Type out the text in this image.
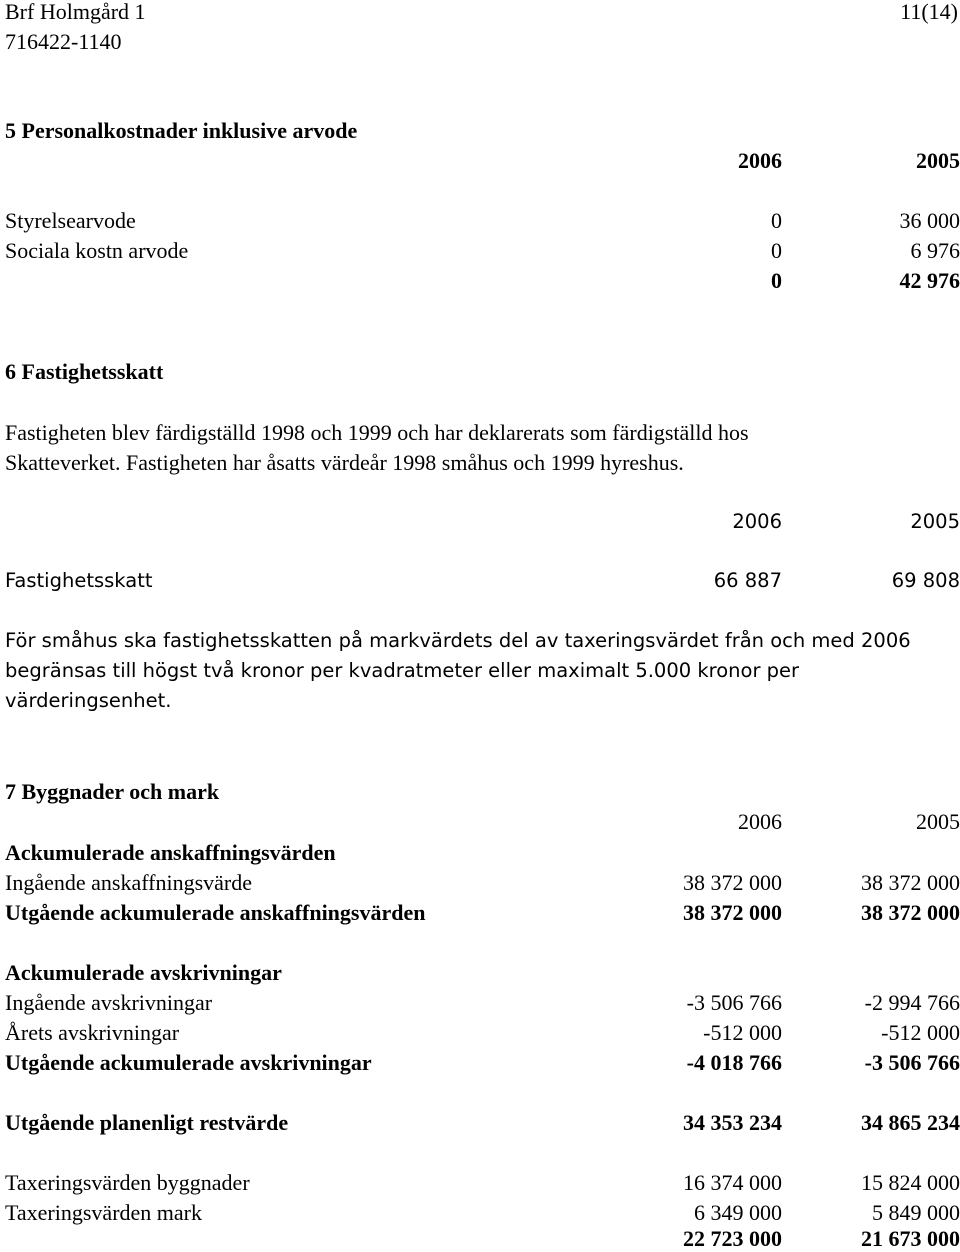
Brf Holmgård 1
716422-1140
11(14)
5 Personalkostnader inklusive arvode
2006	2005
Styrelsearvode	0	36 000
Sociala kostn arvode	0	6 976
0	42 976
6 Fastighetsskatt
Fastigheten blev färdigställd 1998 och 1999 och har deklarerats som färdigställd hos
Skatteverket. Fastigheten har åsatts värdeår 1998 småhus och 1999 hyreshus.
2006	2005
Fastighetsskatt	66 887	69 808
För småhus ska fastighetsskatten på markvärdets del av taxeringsvärdet från och med 2006
begränsas till högst två kronor per kvadratmeter eller maximalt 5.000 kronor per
värderingsenhet.
7 Byggnader och mark
2006	2005
Ackumulerade anskaffningsvärden
Ingående anskaffningsvärde	38 372 000	38 372 000
Utgående ackumulerade anskaffningsvärden	38 372 000	38 372 000
Ackumulerade avskrivningar
Ingående avskrivningar	-3 506 766	-2 994 766
Årets avskrivningar	-512 000	-512 000
Utgående ackumulerade avskrivningar	-4 018 766	-3 506 766
Utgående planenligt restvärde	34 353 234	34 865 234
Taxeringsvärden byggnader	16 374 000	15 824 000
Taxeringsvärden mark	6 349 000	5 849 000
22 723 000	21 673 000
